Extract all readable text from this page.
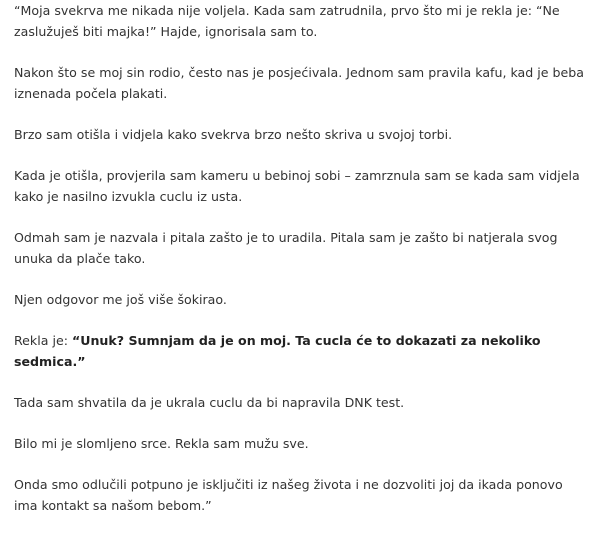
“Moja svekrva me nikada nije voljela. Kada sam zatrudnila, prvo što mi je rekla je: “Ne zaslužuješ biti majka!” Hajde, ignorisala sam to.

Nakon što se moj sin rodio, često nas je posjećivala. Jednom sam pravila kafu, kad je beba iznenada počela plakati.

Brzo sam otišla i vidjela kako svekrva brzo nešto skriva u svojoj torbi.

Kada je otišla, provjerila sam kameru u bebinoj sobi – zamrznula sam se kada sam vidjela kako je nasilno izvukla cuclu iz usta.

Odmah sam je nazvala i pitala zašto je to uradila. Pitala sam je zašto bi natjerala svog unuka da plače tako.

Njen odgovor me još više šokirao.

Rekla je: “Unuk? Sumnjam da je on moj. Ta cucla će to dokazati za nekoliko sedmica.”

Tada sam shvatila da je ukrala cuclu da bi napravila DNK test.

Bilo mi je slomljeno srce. Rekla sam mužu sve.

Onda smo odlučili potpuno je isključiti iz našeg života i ne dozvoliti joj da ikada ponovo ima kontakt sa našom bebom.”
